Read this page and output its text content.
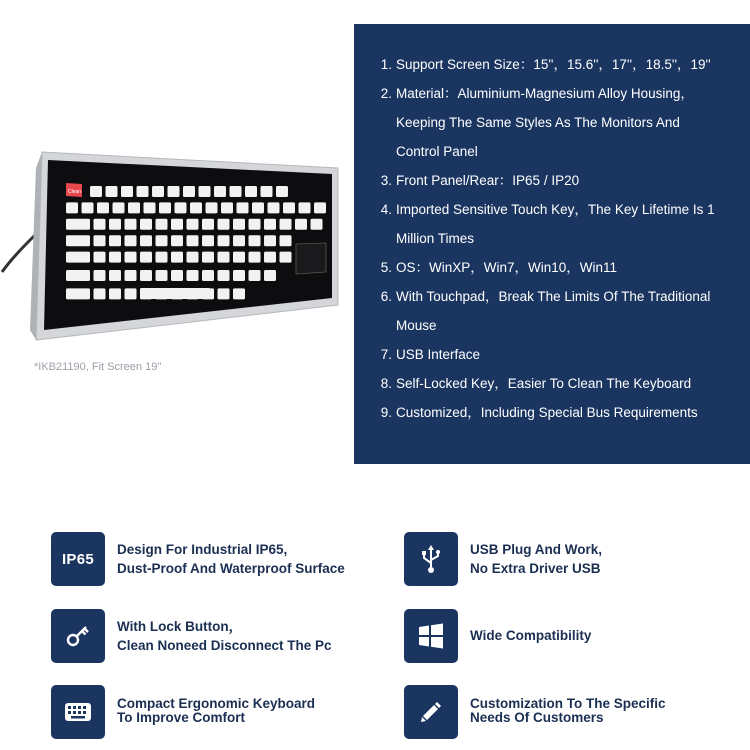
Clean
*IKB21190, Fit Screen 19''
1. Support Screen Size：15''，15.6''，17''，18.5''，19''
2. Material：Aluminium-Magnesium Alloy Housing，
Keeping The Same Styles As The Monitors And
Control Panel
3. Front Panel/Rear：IP65 / IP20
4. Imported Sensitive Touch Key，The Key Lifetime Is 1
Million Times
5. OS：WinXP，Win7，Win10，Win11
6. With Touchpad，Break The Limits Of The Traditional
Mouse
7. USB Interface
8. Self-Locked Key，Easier To Clean The Keyboard
9. Customized，Including Special Bus Requirements
IP65
Design For Industrial IP65,
Dust-Proof And Waterproof Surface
With Lock Button，
Clean Noneed Disconnect The Pc
Compact Ergonomic Keyboard
To Improve Comfort
USB Plug And Work,
No Extra Driver USB
Wide Compatibility
Customization To The Specific
Needs Of Customers
